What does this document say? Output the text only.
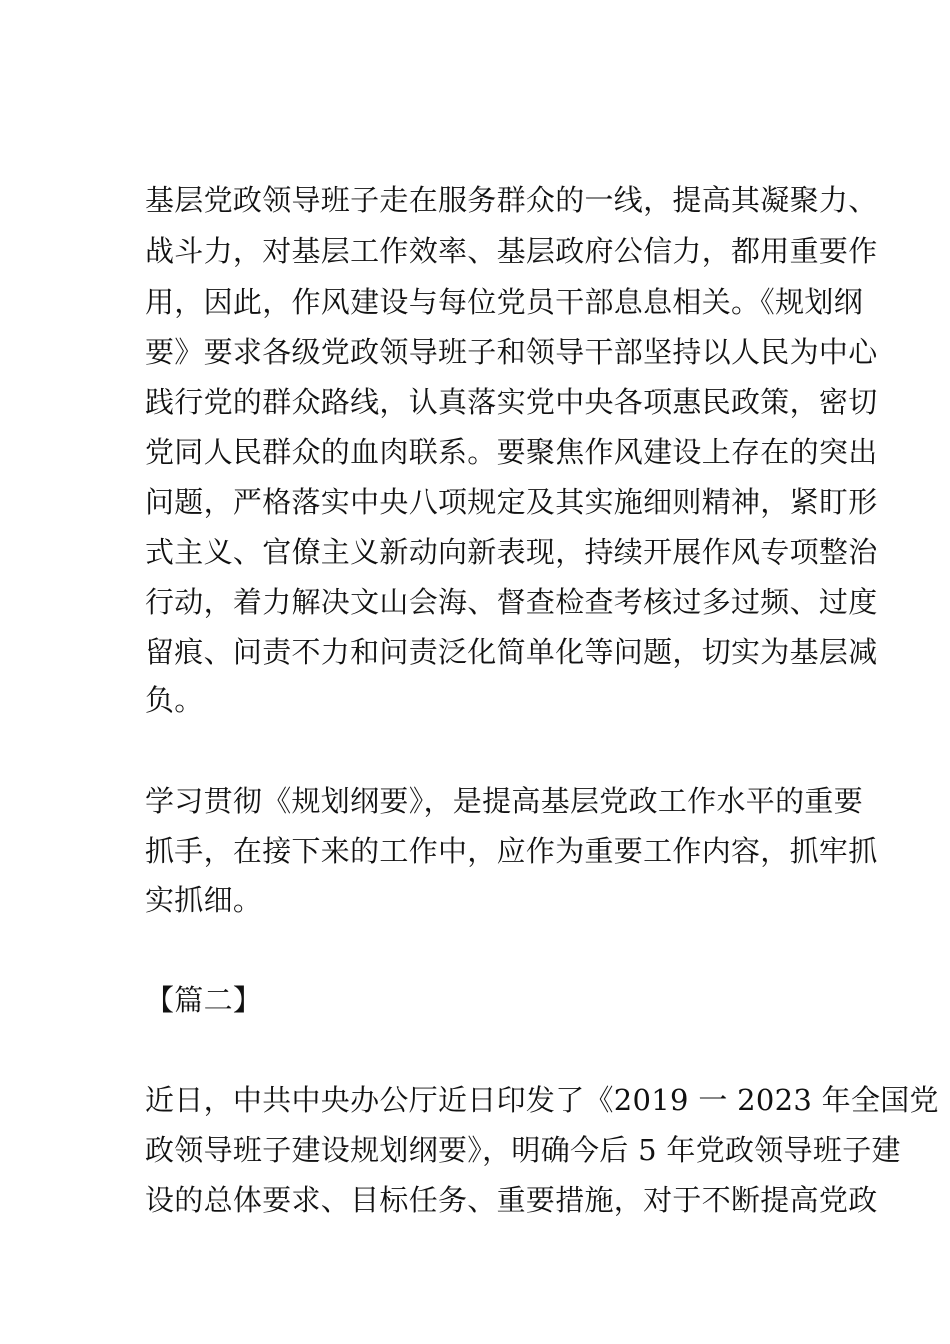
基层党政领导班子走在服务群众的一线，提高其凝聚力、

战斗力，对基层工作效率、基层政府公信力，都用重要作

用，因此，作风建设与每位党员干部息息相关。《规划纲

要》要求各级党政领导班子和领导干部坚持以人民为中心

践行党的群众路线，认真落实党中央各项惠民政策，密切

党同人民群众的血肉联系。要聚焦作风建设上存在的突出

问题，严格落实中央八项规定及其实施细则精神，紧盯形

式主义、官僚主义新动向新表现，持续开展作风专项整治

行动，着力解决文山会海、督查检查考核过多过频、过度

留痕、问责不力和问责泛化简单化等问题，切实为基层减

负。

学习贯彻《规划纲要》，是提高基层党政工作水平的重要

抓手，在接下来的工作中，应作为重要工作内容，抓牢抓

实抓细。

【篇二】

近日，中共中央办公厅近日印发了《2019 一 2023 年全国党

政领导班子建设规划纲要》，明确今后 5 年党政领导班子建

设的总体要求、目标任务、重要措施，对于不断提高党政
